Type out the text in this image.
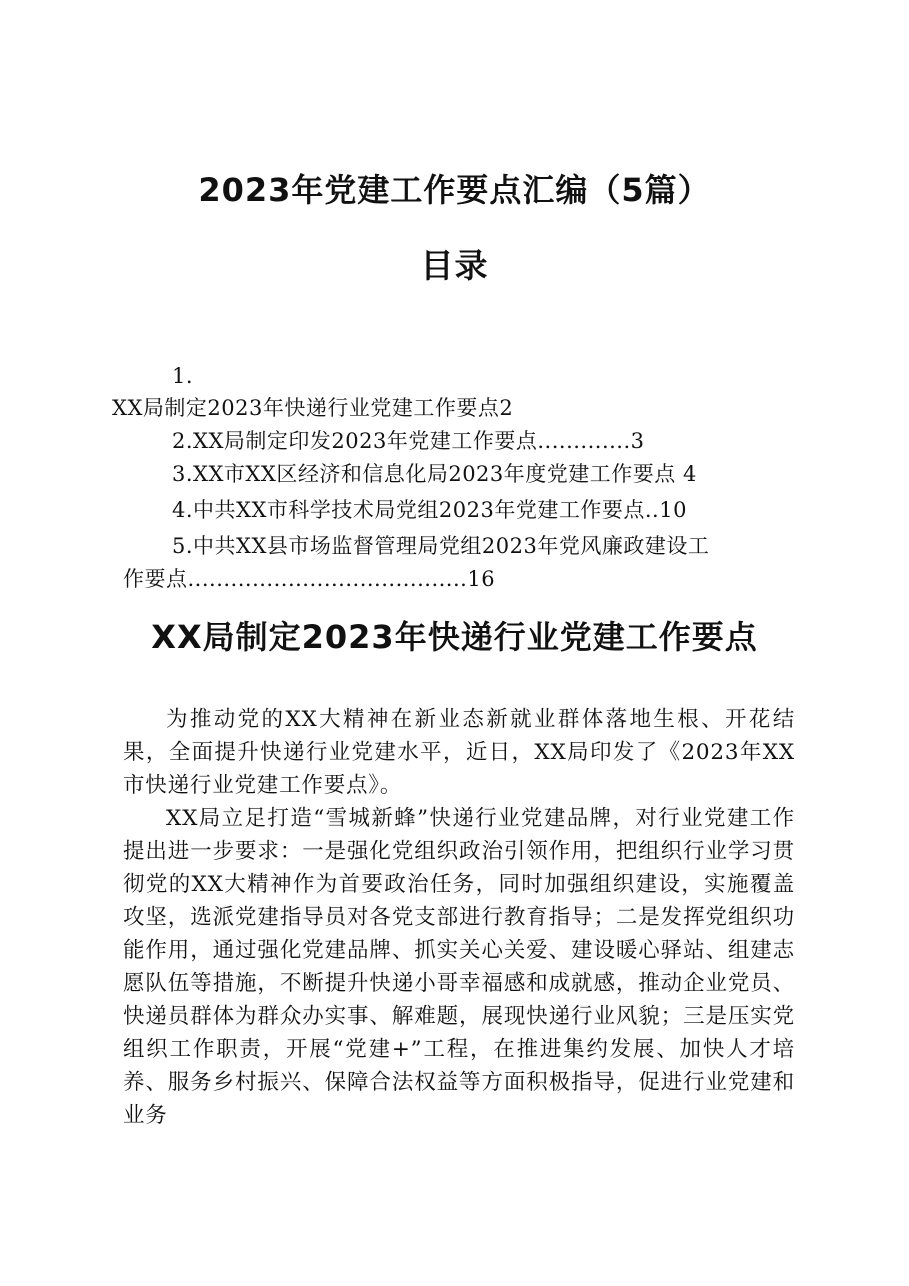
2023年党建工作要点汇编（5篇）
目录
1.
XX局制定2023年快递行业党建工作要点2
2.XX局制定印发2023年党建工作要点.............3
3.XX市XX区经济和信息化局2023年度党建工作要点 4
4.中共XX市科学技术局党组2023年党建工作要点..10
5.中共XX县市场监督管理局党组2023年党风廉政建设工
作要点.......................................16
XX局制定2023年快递行业党建工作要点

为推动党的XX大精神在新业态新就业群体落地生根、开花结果，全面提升快递行业党建水平，近日，XX局印发了《2023年XX市快递行业党建工作要点》。

XX局立足打造“雪城新蜂”快递行业党建品牌，对行业党建工作提出进一步要求：一是强化党组织政治引领作用，把组织行业学习贯彻党的XX大精神作为首要政治任务，同时加强组织建设，实施覆盖攻坚，选派党建指导员对各党支部进行教育指导；二是发挥党组织功能作用，通过强化党建品牌、抓实关心关爱、建设暖心驿站、组建志愿队伍等措施，不断提升快递小哥幸福感和成就感，推动企业党员、快递员群体为群众办实事、解难题，展现快递行业风貌；三是压实党组织工作职责，开展“党建+”工程，在推进集约发展、加快人才培养、服务乡村振兴、保障合法权益等方面积极指导，促进行业党建和业务
